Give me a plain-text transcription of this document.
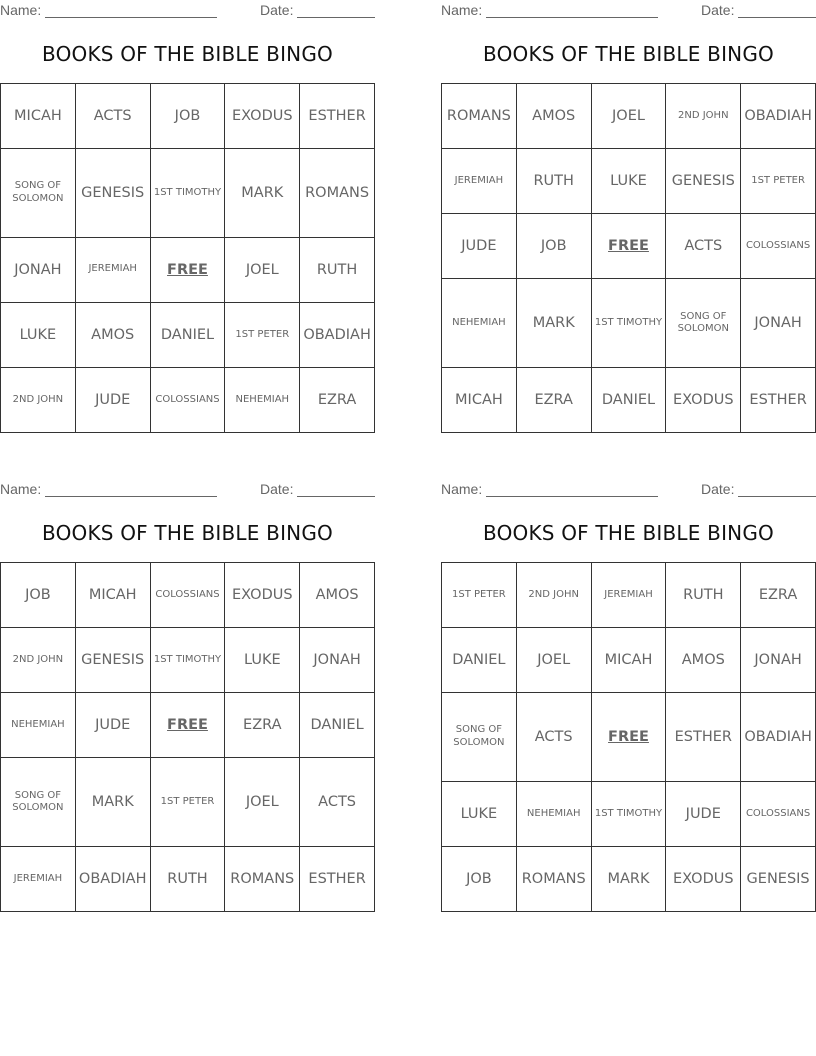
Name:	Date:
BOOKS OF THE BIBLE BINGO
MICAH	ACTS	JOB	EXODUS	ESTHER
SONG OF SOLOMON	GENESIS	1ST TIMOTHY	MARK	ROMANS
JONAH	JEREMIAH	FREE	JOEL	RUTH
LUKE	AMOS	DANIEL	1ST PETER	OBADIAH
2ND JOHN	JUDE	COLOSSIANS	NEHEMIAH	EZRA
Name:	Date:
BOOKS OF THE BIBLE BINGO
ROMANS	AMOS	JOEL	2ND JOHN	OBADIAH
JEREMIAH	RUTH	LUKE	GENESIS	1ST PETER
JUDE	JOB	FREE	ACTS	COLOSSIANS
NEHEMIAH	MARK	1ST TIMOTHY	SONG OF SOLOMON	JONAH
MICAH	EZRA	DANIEL	EXODUS	ESTHER
Name:	Date:
BOOKS OF THE BIBLE BINGO
JOB	MICAH	COLOSSIANS	EXODUS	AMOS
2ND JOHN	GENESIS	1ST TIMOTHY	LUKE	JONAH
NEHEMIAH	JUDE	FREE	EZRA	DANIEL
SONG OF SOLOMON	MARK	1ST PETER	JOEL	ACTS
JEREMIAH	OBADIAH	RUTH	ROMANS	ESTHER
Name:	Date:
BOOKS OF THE BIBLE BINGO
1ST PETER	2ND JOHN	JEREMIAH	RUTH	EZRA
DANIEL	JOEL	MICAH	AMOS	JONAH
SONG OF SOLOMON	ACTS	FREE	ESTHER	OBADIAH
LUKE	NEHEMIAH	1ST TIMOTHY	JUDE	COLOSSIANS
JOB	ROMANS	MARK	EXODUS	GENESIS
